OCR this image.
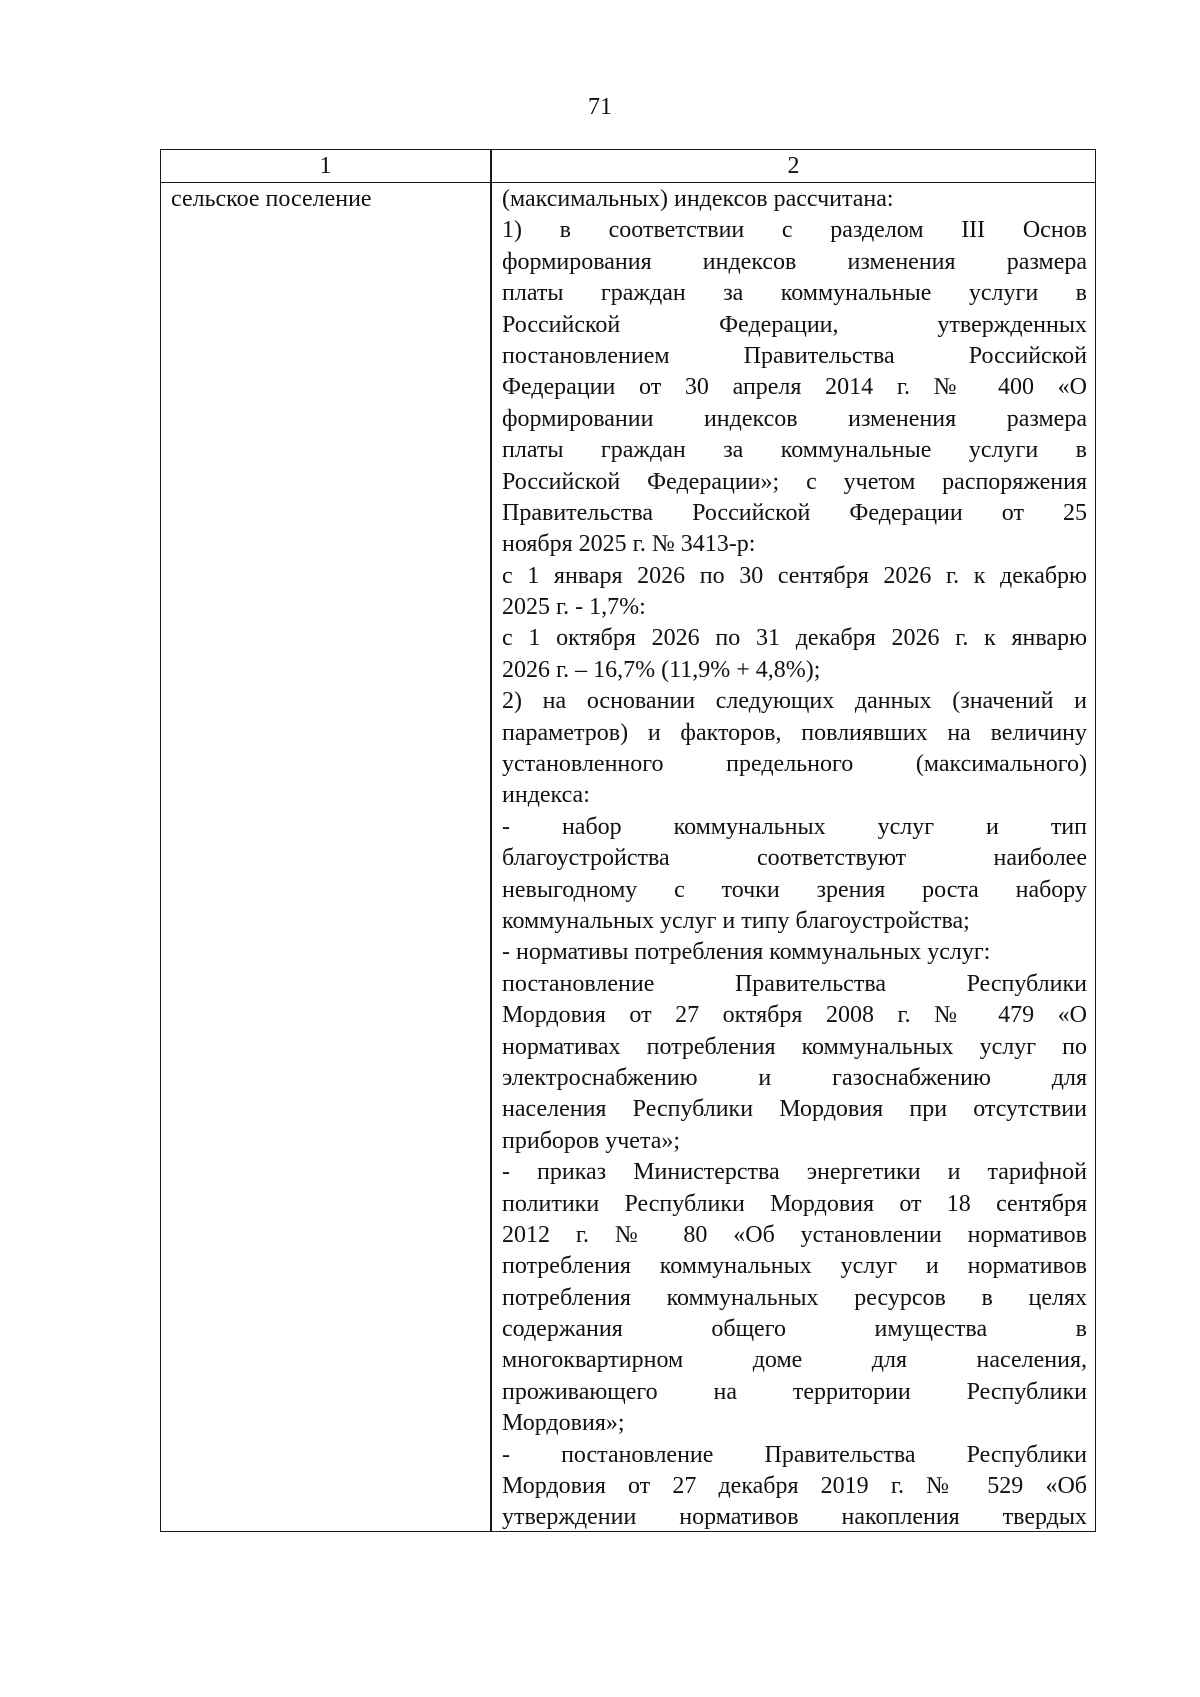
71
1	2
сельское поселение	(максимальных) индексов рассчитана:
1) в соответствии с разделом III Основ
формирования индексов изменения размера
платы граждан за коммунальные услуги в
Российской Федерации, утвержденных
постановлением Правительства Российской
Федерации от 30 апреля 2014 г. № 400 «О
формировании индексов изменения размера
платы граждан за коммунальные услуги в
Российской Федерации»; с учетом распоряжения
Правительства Российской Федерации от 25
ноября 2025 г. № 3413-р:
с 1 января 2026 по 30 сентября 2026 г. к декабрю
2025 г. - 1,7%:
с 1 октября 2026 по 31 декабря 2026 г. к январю
2026 г. – 16,7% (11,9% + 4,8%);
2) на основании следующих данных (значений и
параметров) и факторов, повлиявших на величину
установленного предельного (максимального)
индекса:
- набор коммунальных услуг и тип
благоустройства соответствуют наиболее
невыгодному с точки зрения роста набору
коммунальных услуг и типу благоустройства;
- нормативы потребления коммунальных услуг:
постановление Правительства Республики
Мордовия от 27 октября 2008 г. № 479 «О
нормативах потребления коммунальных услуг по
электроснабжению и газоснабжению для
населения Республики Мордовия при отсутствии
приборов учета»;
- приказ Министерства энергетики и тарифной
политики Республики Мордовия от 18 сентября
2012 г. № 80 «Об установлении нормативов
потребления коммунальных услуг и нормативов
потребления коммунальных ресурсов в целях
содержания общего имущества в
многоквартирном доме для населения,
проживающего на территории Республики
Мордовия»;
- постановление Правительства Республики
Мордовия от 27 декабря 2019 г. № 529 «Об
утверждении нормативов накопления твердых
